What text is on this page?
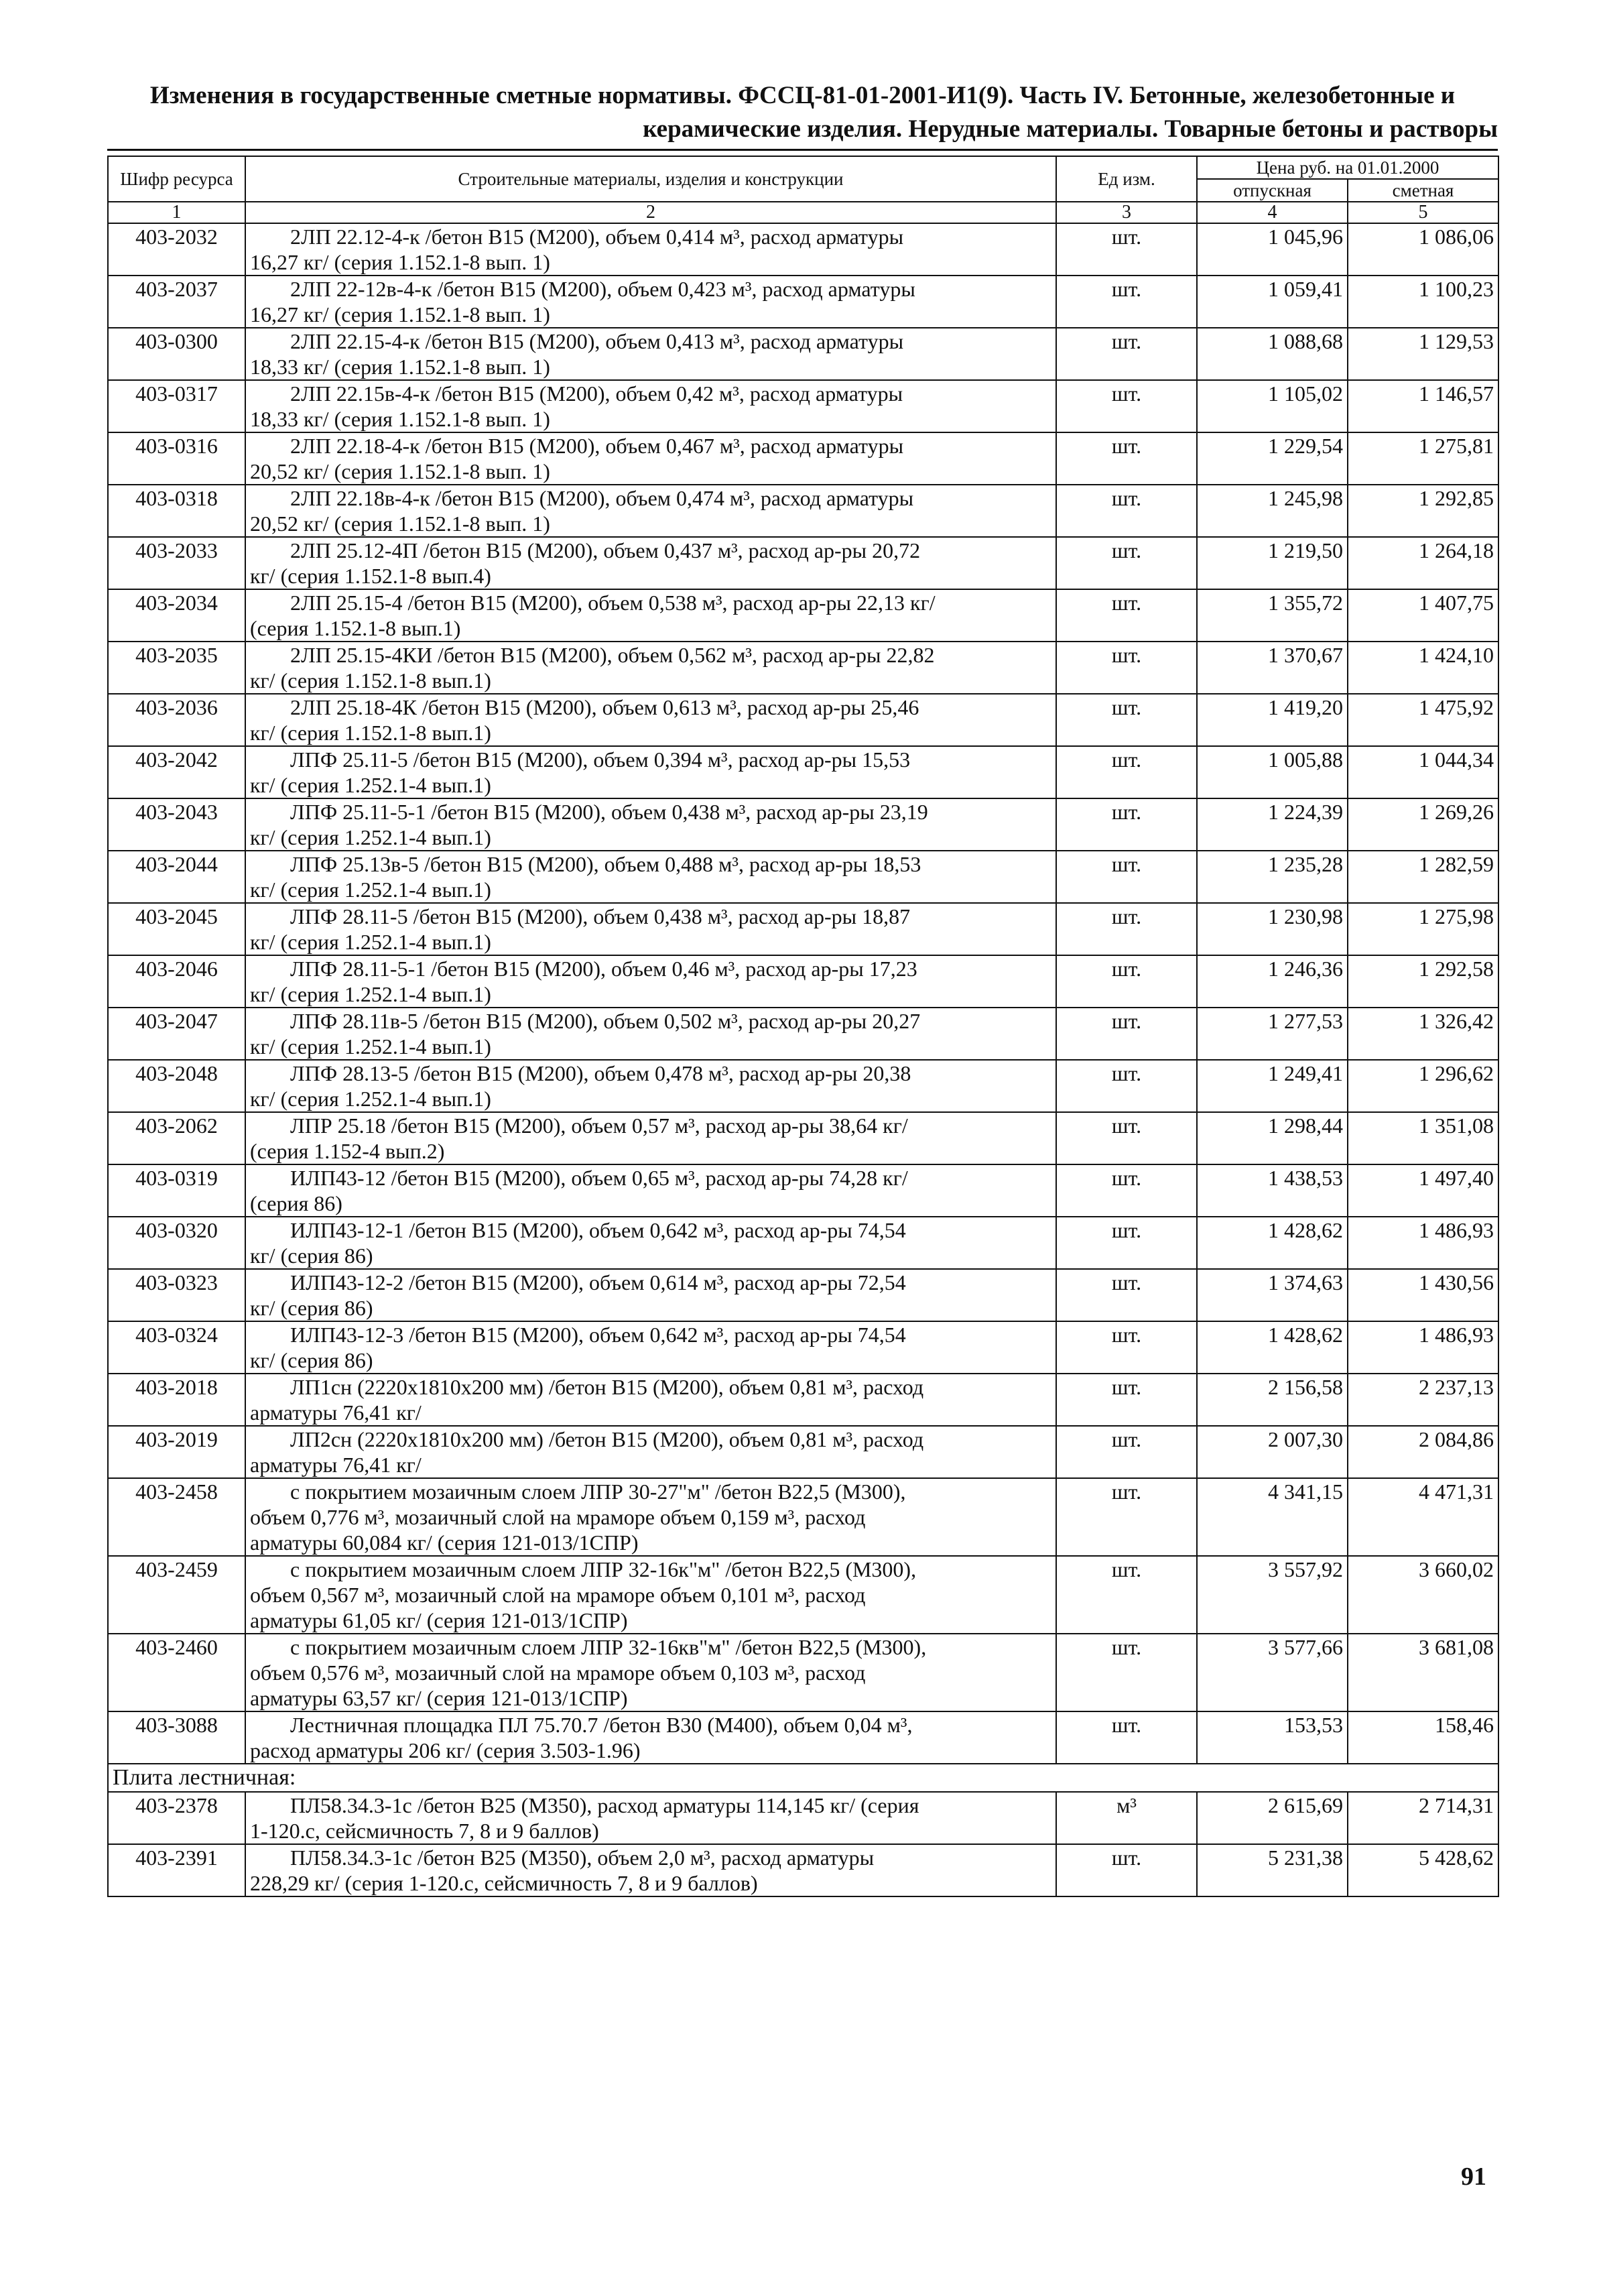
Изменения в государственные сметные нормативы. ФССЦ-81-01-2001-И1(9). Часть IV. Бетонные, железобетонные и
керамические изделия. Нерудные материалы. Товарные бетоны и растворы
Шифр ресурса	Строительные материалы, изделия и конструкции	Ед изм.	Цена руб. на 01.01.2000	
			отпускная	сметная
1	2	3	4	5
403-2032	2ЛП 22.12-4-к /бетон В15 (М200), объем 0,414 м³, расход арматуры
16,27 кг/ (серия 1.152.1-8 вып. 1)	шт.	1 045,96	1 086,06
403-2037	2ЛП 22-12в-4-к /бетон В15 (М200), объем 0,423 м³, расход арматуры
16,27 кг/ (серия 1.152.1-8 вып. 1)	шт.	1 059,41	1 100,23
403-0300	2ЛП 22.15-4-к /бетон В15 (М200), объем 0,413 м³, расход арматуры
18,33 кг/ (серия 1.152.1-8 вып. 1)	шт.	1 088,68	1 129,53
403-0317	2ЛП 22.15в-4-к /бетон В15 (М200), объем 0,42 м³, расход арматуры
18,33 кг/ (серия 1.152.1-8 вып. 1)	шт.	1 105,02	1 146,57
403-0316	2ЛП 22.18-4-к /бетон В15 (М200), объем 0,467 м³, расход арматуры
20,52 кг/ (серия 1.152.1-8 вып. 1)	шт.	1 229,54	1 275,81
403-0318	2ЛП 22.18в-4-к /бетон В15 (М200), объем 0,474 м³, расход арматуры
20,52 кг/ (серия 1.152.1-8 вып. 1)	шт.	1 245,98	1 292,85
403-2033	2ЛП 25.12-4П /бетон В15 (М200), объем 0,437 м³, расход ар-ры 20,72
кг/ (серия 1.152.1-8 вып.4)	шт.	1 219,50	1 264,18
403-2034	2ЛП 25.15-4 /бетон В15 (М200), объем 0,538 м³, расход ар-ры 22,13 кг/
(серия 1.152.1-8 вып.1)	шт.	1 355,72	1 407,75
403-2035	2ЛП 25.15-4КИ /бетон В15 (М200), объем 0,562 м³, расход ар-ры 22,82
кг/ (серия 1.152.1-8 вып.1)	шт.	1 370,67	1 424,10
403-2036	2ЛП 25.18-4К /бетон В15 (М200), объем 0,613 м³, расход ар-ры 25,46
кг/ (серия 1.152.1-8 вып.1)	шт.	1 419,20	1 475,92
403-2042	ЛПФ 25.11-5 /бетон В15 (М200), объем 0,394 м³, расход ар-ры 15,53
кг/ (серия 1.252.1-4 вып.1)	шт.	1 005,88	1 044,34
403-2043	ЛПФ 25.11-5-1 /бетон В15 (М200), объем 0,438 м³, расход ар-ры 23,19
кг/ (серия 1.252.1-4 вып.1)	шт.	1 224,39	1 269,26
403-2044	ЛПФ 25.13в-5 /бетон В15 (М200), объем 0,488 м³, расход ар-ры 18,53
кг/ (серия 1.252.1-4 вып.1)	шт.	1 235,28	1 282,59
403-2045	ЛПФ 28.11-5 /бетон В15 (М200), объем 0,438 м³, расход ар-ры 18,87
кг/ (серия 1.252.1-4 вып.1)	шт.	1 230,98	1 275,98
403-2046	ЛПФ 28.11-5-1 /бетон В15 (М200), объем 0,46 м³, расход ар-ры 17,23
кг/ (серия 1.252.1-4 вып.1)	шт.	1 246,36	1 292,58
403-2047	ЛПФ 28.11в-5 /бетон В15 (М200), объем 0,502 м³, расход ар-ры 20,27
кг/ (серия 1.252.1-4 вып.1)	шт.	1 277,53	1 326,42
403-2048	ЛПФ 28.13-5 /бетон В15 (М200), объем 0,478 м³, расход ар-ры 20,38
кг/ (серия 1.252.1-4 вып.1)	шт.	1 249,41	1 296,62
403-2062	ЛПР 25.18 /бетон В15 (М200), объем 0,57 м³, расход ар-ры 38,64 кг/
(серия 1.152-4 вып.2)	шт.	1 298,44	1 351,08
403-0319	ИЛП43-12 /бетон В15 (М200), объем 0,65 м³, расход ар-ры 74,28 кг/
(серия 86)	шт.	1 438,53	1 497,40
403-0320	ИЛП43-12-1 /бетон В15 (М200), объем 0,642 м³, расход ар-ры 74,54
кг/ (серия 86)	шт.	1 428,62	1 486,93
403-0323	ИЛП43-12-2 /бетон В15 (М200), объем 0,614 м³, расход ар-ры 72,54
кг/ (серия 86)	шт.	1 374,63	1 430,56
403-0324	ИЛП43-12-3 /бетон В15 (М200), объем 0,642 м³, расход ар-ры 74,54
кг/ (серия 86)	шт.	1 428,62	1 486,93
403-2018	ЛП1сн (2220х1810х200 мм) /бетон В15 (М200), объем 0,81 м³, расход
арматуры 76,41 кг/	шт.	2 156,58	2 237,13
403-2019	ЛП2сн (2220х1810х200 мм) /бетон В15 (М200), объем 0,81 м³, расход
арматуры 76,41 кг/	шт.	2 007,30	2 084,86
403-2458	с покрытием мозаичным слоем ЛПР 30-27"м" /бетон В22,5 (М300),
объем 0,776 м³, мозаичный слой на мраморе объем 0,159 м³, расход
арматуры 60,084 кг/ (серия 121-013/1СПР)	шт.	4 341,15	4 471,31
403-2459	с покрытием мозаичным слоем ЛПР 32-16к"м" /бетон В22,5 (М300),
объем 0,567 м³, мозаичный слой на мраморе объем 0,101 м³, расход
арматуры 61,05 кг/ (серия 121-013/1СПР)	шт.	3 557,92	3 660,02
403-2460	с покрытием мозаичным слоем ЛПР 32-16кв"м" /бетон В22,5 (М300),
объем 0,576 м³, мозаичный слой на мраморе объем 0,103 м³, расход
арматуры 63,57 кг/ (серия 121-013/1СПР)	шт.	3 577,66	3 681,08
403-3088	Лестничная площадка ПЛ 75.70.7 /бетон В30 (М400), объем 0,04 м³,
расход арматуры 206 кг/ (серия 3.503-1.96)	шт.	153,53	158,46
Плита лестничная:				
403-2378	ПЛ58.34.3-1с /бетон В25 (М350), расход арматуры 114,145 кг/ (серия
1-120.с, сейсмичность 7, 8 и 9 баллов)	м³	2 615,69	2 714,31
403-2391	ПЛ58.34.3-1с /бетон В25 (М350), объем 2,0 м³, расход арматуры
228,29 кг/ (серия 1-120.с, сейсмичность 7, 8 и 9 баллов)	шт.	5 231,38	5 428,62
91
